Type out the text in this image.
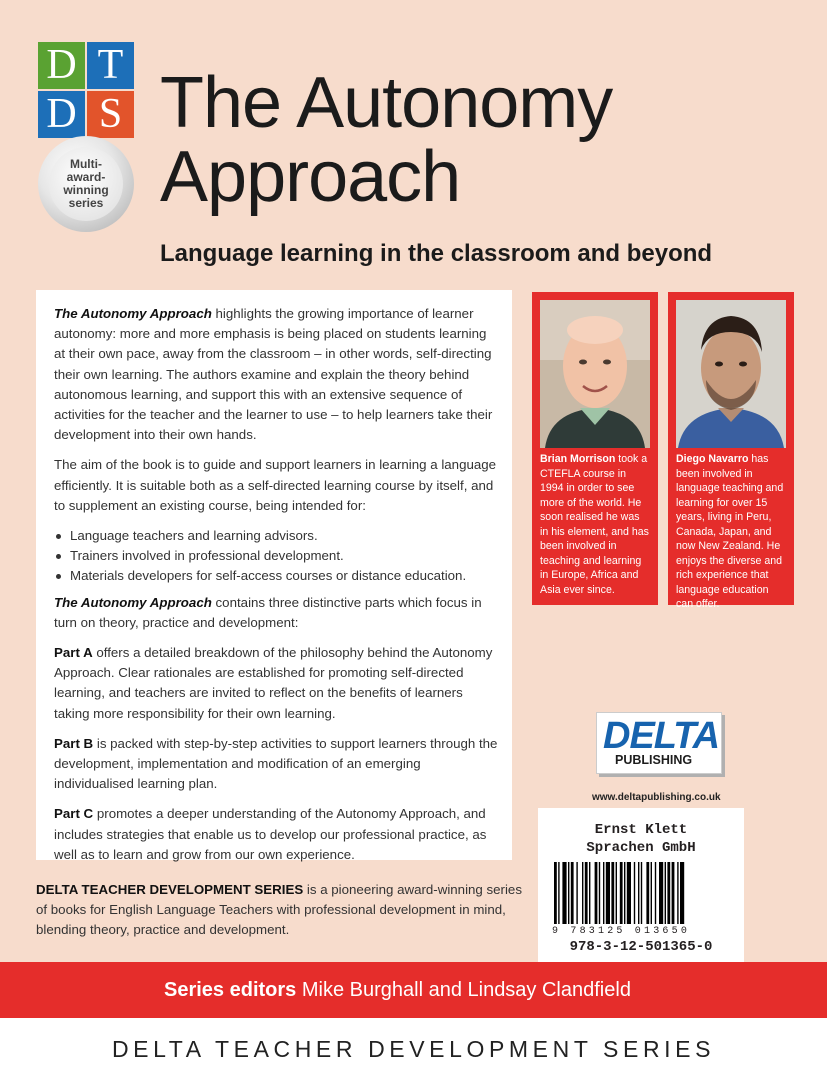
D T
D S
Multi-
award-
winning
series
The Autonomy
Approach
Language learning in the classroom and beyond

The Autonomy Approach highlights the growing importance of learner autonomy: more and more emphasis is being placed on students learning at their own pace, away from the classroom – in other words, self-directing their own learning. The authors examine and explain the theory behind autonomous learning, and support this with an extensive sequence of activities for the teacher and the learner to use – to help learners take their development into their own hands.

The aim of the book is to guide and support learners in learning a language efficiently. It is suitable both as a self-directed learning course by itself, and to supplement an existing course, being intended for:

Language teachers and learning advisors.
Trainers involved in professional development.
Materials developers for self-access courses or distance education.

The Autonomy Approach contains three distinctive parts which focus in turn on theory, practice and development:

Part A offers a detailed breakdown of the philosophy behind the Autonomy Approach. Clear rationales are established for promoting self-directed learning, and teachers are invited to reflect on the benefits of learners taking more responsibility for their own learning.

Part B is packed with step-by-step activities to support learners through the development, implementation and modification of an emerging individualised learning plan.

Part C promotes a deeper understanding of the Autonomy Approach, and includes strategies that enable us to develop our professional practice, as well as to learn and grow from our own experience.

Brian Morrison took a CTEFLA course in 1994 in order to see more of the world. He soon realised he was in his element, and has been involved in teaching and learning in Europe, Africa and Asia ever since.
Diego Navarro has been involved in language teaching and learning for over 15 years, living in Peru, Canada, Japan, and now New Zealand. He enjoys the diverse and rich experience that language education can offer.
DELTA
PUBLISHING
www.deltapublishing.co.uk
Ernst Klett
Sprachen GmbH
9 783125 013650
978-3-12-501365-0
DELTA TEACHER DEVELOPMENT SERIES is a pioneering award-winning series of books for English Language Teachers with professional development in mind, blending theory, practice and development.
Series editors Mike Burghall and Lindsay Clandfield
DELTA TEACHER DEVELOPMENT SERIES
